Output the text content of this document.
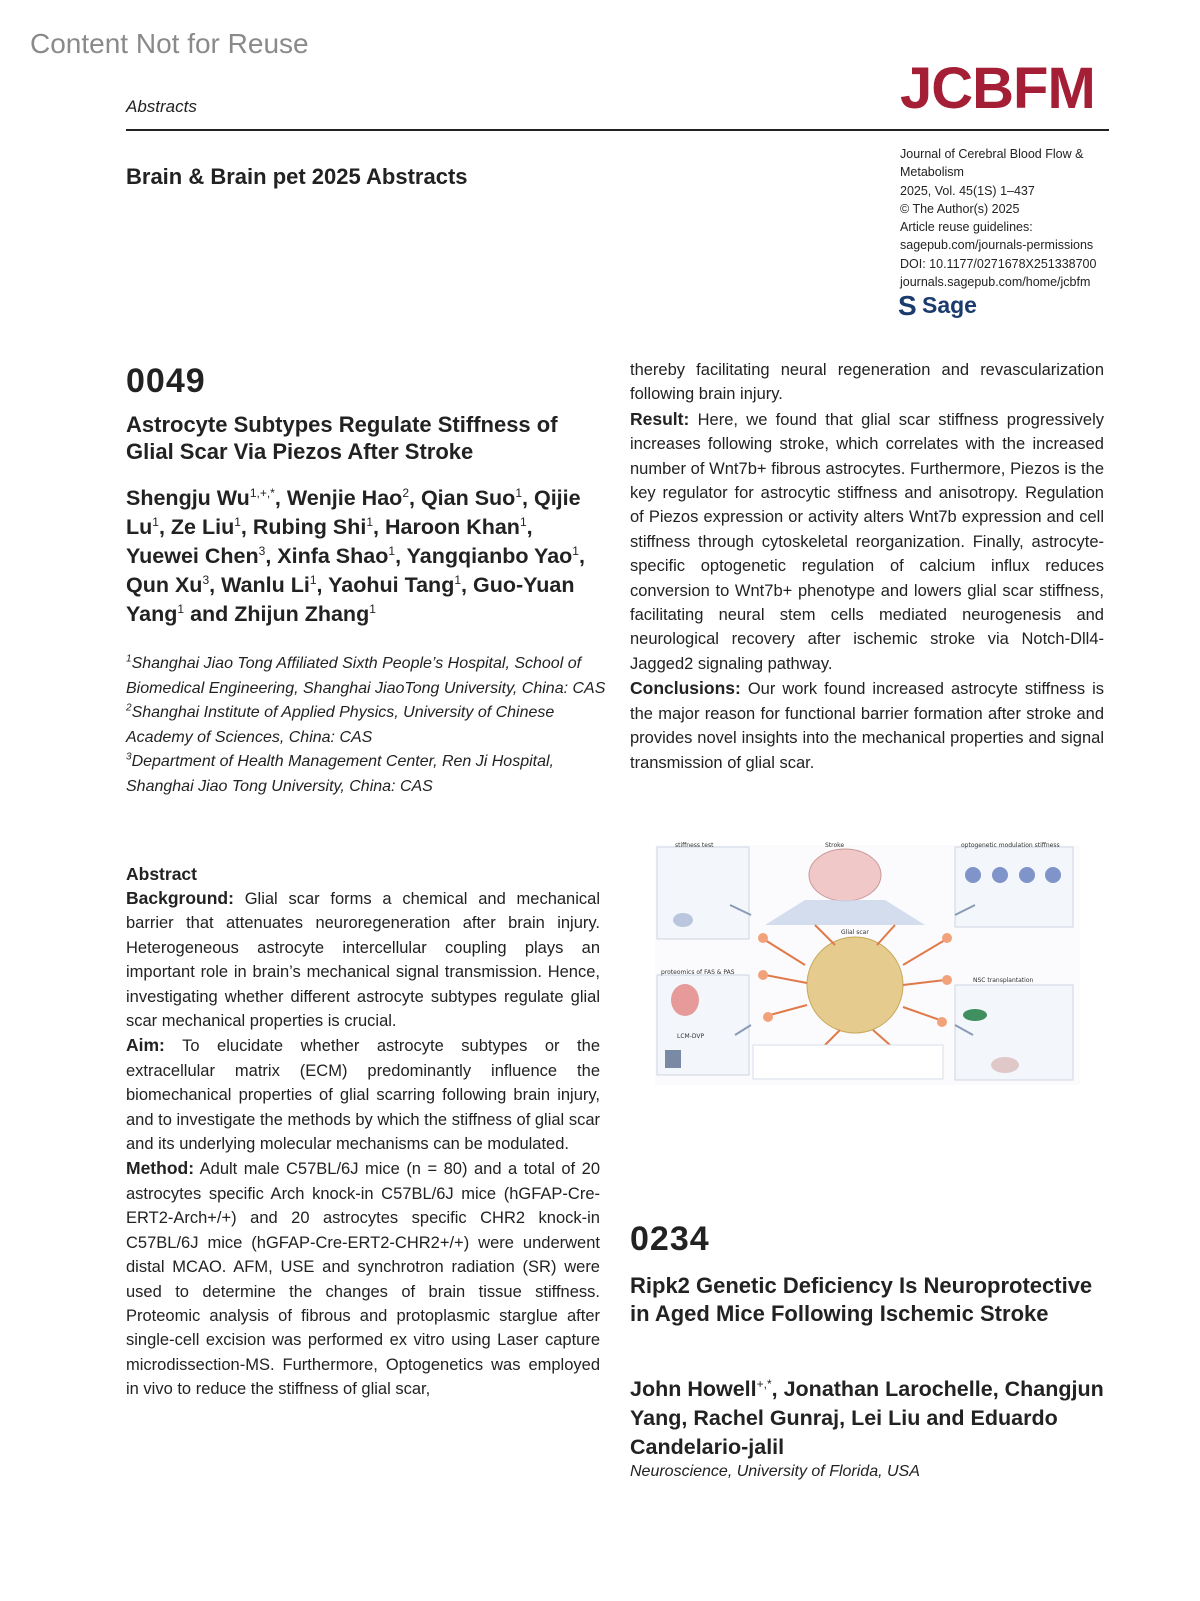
Content Not for Reuse
Abstracts	JCBFM
Brain & Brain pet 2025 Abstracts
Journal of Cerebral Blood Flow &
Metabolism
2025, Vol. 45(1S) 1–437
© The Author(s) 2025
Article reuse guidelines:
sagepub.com/journals-permissions
DOI: 10.1177/0271678X251338700
journals.sagepub.com/home/jcbfm
S Sage
0049
Astrocyte Subtypes Regulate Stiffness of Glial Scar Via Piezos After Stroke
Shengju $Wu^{1,+,*}$, Wenjie Hao$^2$, Qian Suo$^1$, Qijie Lu$^1$, Ze Liu$^1$, Rubing Shi$^1$, Haroon Khan$^1$, Yuewei Chen$^3$, Xinfa Shao$^1$, Yangqianbo Yao$^1$, Qun Xu$^3$, Wanlu Li$^1$, Yaohui Tang$^1$, Guo-Yuan Yang$^1$ and Zhijun Zhang$^1$
$^1$Shanghai Jiao Tong Affiliated Sixth People’s Hospital, School of Biomedical Engineering, Shanghai JiaoTong University, China: CAS
$^2$Shanghai Institute of Applied Physics, University of Chinese Academy of Sciences, China: CAS
$^3$Department of Health Management Center, Ren Ji Hospital, Shanghai Jiao Tong University, China: CAS
Abstract
Background: Glial scar forms a chemical and mechanical barrier that attenuates neuroregeneration after brain injury. Heterogeneous astrocyte intercellular coupling plays an important role in brain’s mechanical signal transmission. Hence, investigating whether different astrocyte subtypes regulate glial scar mechanical properties is crucial.
Aim: To elucidate whether astrocyte subtypes or the extracellular matrix (ECM) predominantly influence the biomechanical properties of glial scarring following brain injury, and to investigate the methods by which the stiffness of glial scar and its underlying molecular mechanisms can be modulated.
Method: Adult male C57BL/6J mice (n = 80) and a total of 20 astrocytes specific Arch knock-in C57BL/6J mice (hGFAP-Cre-ERT2-Arch+/+) and 20 astrocytes specific CHR2 knock-in C57BL/6J mice (hGFAP-Cre-ERT2-CHR2+/+) were underwent distal MCAO. AFM, USE and synchrotron radiation (SR) were used to determine the changes of brain tissue stiffness. Proteomic analysis of fibrous and protoplasmic starglue after single-cell excision was performed ex vitro using Laser capture microdissection-MS. Furthermore, Optogenetics was employed in vivo to reduce the stiffness of glial scar,
thereby facilitating neural regeneration and revascularization following brain injury.
Result: Here, we found that glial scar stiffness progressively increases following stroke, which correlates with the increased number of Wnt7b+ fibrous astrocytes. Furthermore, Piezos is the key regulator for astrocytic stiffness and anisotropy. Regulation of Piezos expression or activity alters Wnt7b expression and cell stiffness through cytoskeletal reorganization. Finally, astrocyte-specific optogenetic regulation of calcium influx reduces conversion to Wnt7b+ phenotype and lowers glial scar stiffness, facilitating neural stem cells mediated neurogenesis and neurological recovery after ischemic stroke via Notch-Dll4-Jagged2 signaling pathway.
Conclusions: Our work found increased astrocyte stiffness is the major reason for functional barrier formation after stroke and provides novel insights into the mechanical properties and signal transmission of glial scar.
stiffness test	Stroke	optogenetic modulation stiffness
Glial scar
proteomics of FAS & PAS
NSC transplantation
LCM-DVP
0234
Ripk2 Genetic Deficiency Is Neuroprotective in Aged Mice Following Ischemic Stroke
John Howell+,*, Jonathan Larochelle, Changjun Yang, Rachel Gunraj, Lei Liu and Eduardo Candelario-jalil
Neuroscience, University of Florida, USA
